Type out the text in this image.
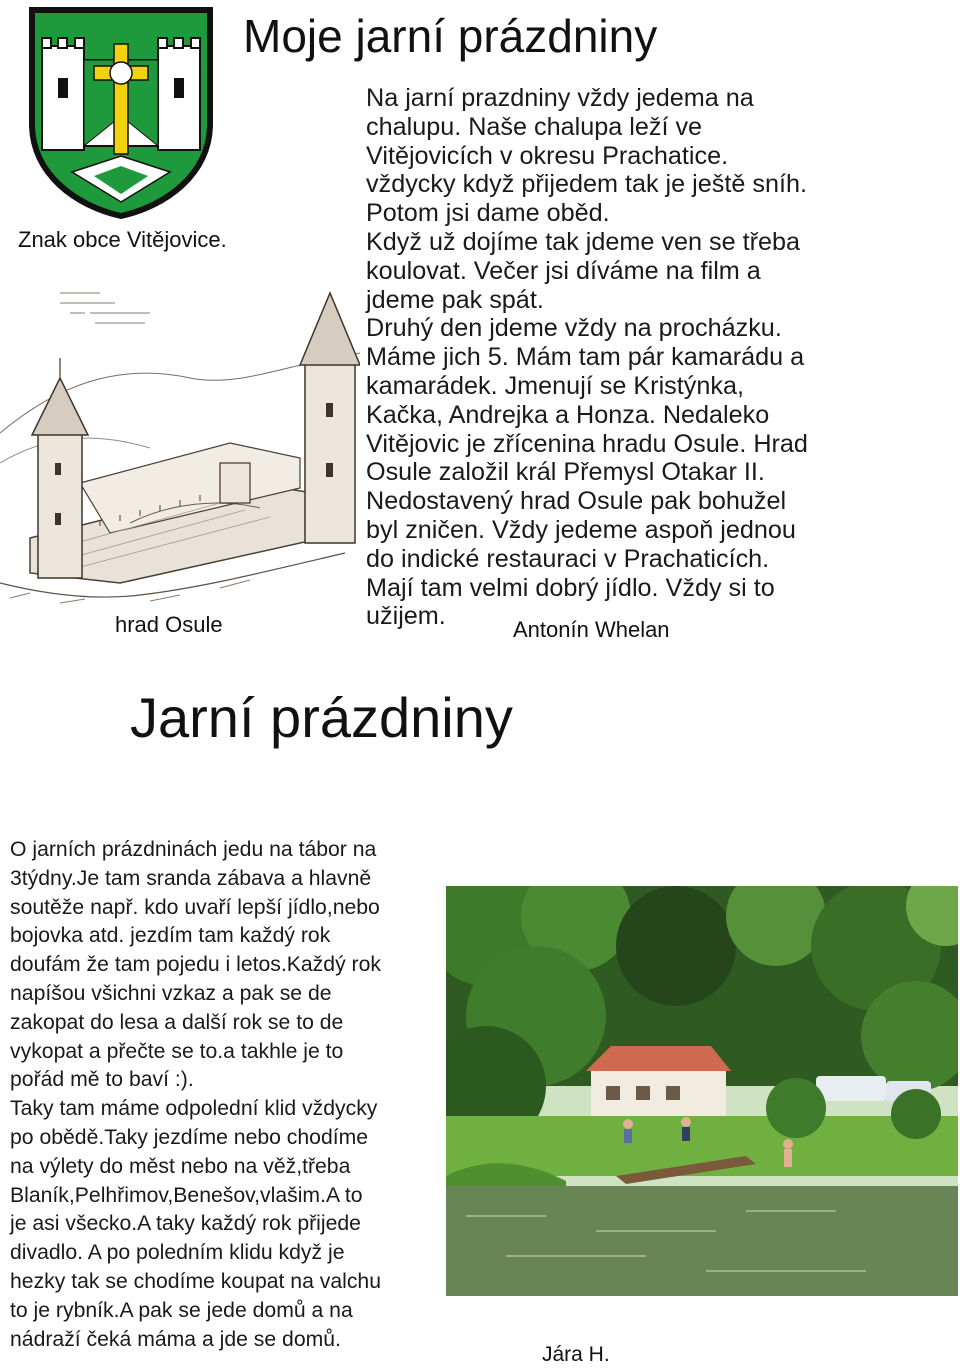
Znak obce Vitějovice.
Moje jarní prázdniny
Jarní prázdniny
hrad Osule
Na jarní prazdniny vždy jedema na
chalupu. Naše chalupa leží ve
Vitějovicích v okresu Prachatice.
vždycky když přijedem tak je ještě sníh.
Potom jsi dame oběd.
Když už dojíme tak jdeme ven se třeba
koulovat. Večer jsi díváme na film a
jdeme pak spát.
Druhý den jdeme vždy na procházku.
Máme jich 5. Mám tam pár kamarádu a
kamarádek. Jmenují se Kristýnka,
Kačka, Andrejka a Honza. Nedaleko
Vitějovic je zřícenina hradu Osule. Hrad
Osule založil král Přemysl Otakar II.
Nedostavený hrad Osule pak bohužel
byl zničen. Vždy jedeme aspoň jednou
do indické restauraci v Prachaticích.
Mají tam velmi dobrý jídlo. Vždy si to
užijem.	Antonín Whelan
O jarních prázdninách jedu na tábor na
3týdny.Je tam sranda zábava a hlavně
soutěže např. kdo uvaří lepší jídlo,nebo
bojovka atd. jezdím tam každý rok
doufám že tam pojedu i letos.Každý rok
napíšou všichni vzkaz a pak se de
zakopat do lesa a další rok se to de
vykopat a přečte se to.a takhle je to
pořád mě to baví :).
Taky tam máme odpolední klid vždycky
po obědě.Taky jezdíme nebo chodíme
na výlety do měst nebo na věž,třeba
Blaník,Pelhřimov,Benešov,vlašim.A to
je asi všecko.A taky každý rok přijede
divadlo. A po poledním klidu když je
hezky tak se chodíme koupat na valchu
to je rybník.A pak se jede domů a na
nádraží čeká máma a jde se domů.
Jára H.
